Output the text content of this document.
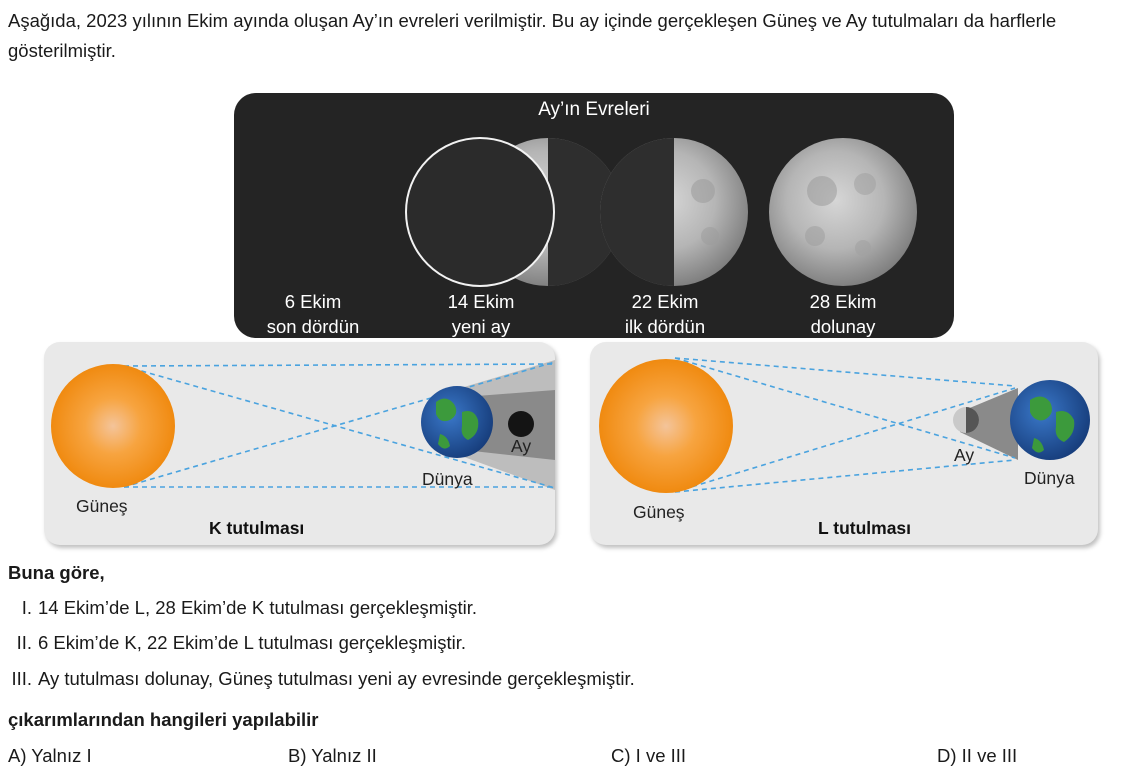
Aşağıda, 2023 yılının Ekim ayında oluşan Ay’ın evreleri verilmiştir. Bu ay içinde gerçekleşen Güneş ve Ay tutulmaları da harflerle gösterilmiştir.
Ay’ın Evreleri
6 Ekim
son dördün
14 Ekim
yeni ay
22 Ekim
ilk dördün
28 Ekim
dolunay
Güneş
Dünya
Ay
K tutulması
Güneş
Ay
Dünya
L tutulması
Buna göre,
I. 14 Ekim’de L, 28 Ekim’de K tutulması gerçekleşmiştir.
II. 6 Ekim’de K, 22 Ekim’de L tutulması gerçekleşmiştir.
III. Ay tutulması dolunay, Güneş tutulması yeni ay evresinde gerçekleşmiştir.
çıkarımlarından hangileri yapılabilir
A) Yalnız I	B) Yalnız II	C) I ve III	D) II ve III
